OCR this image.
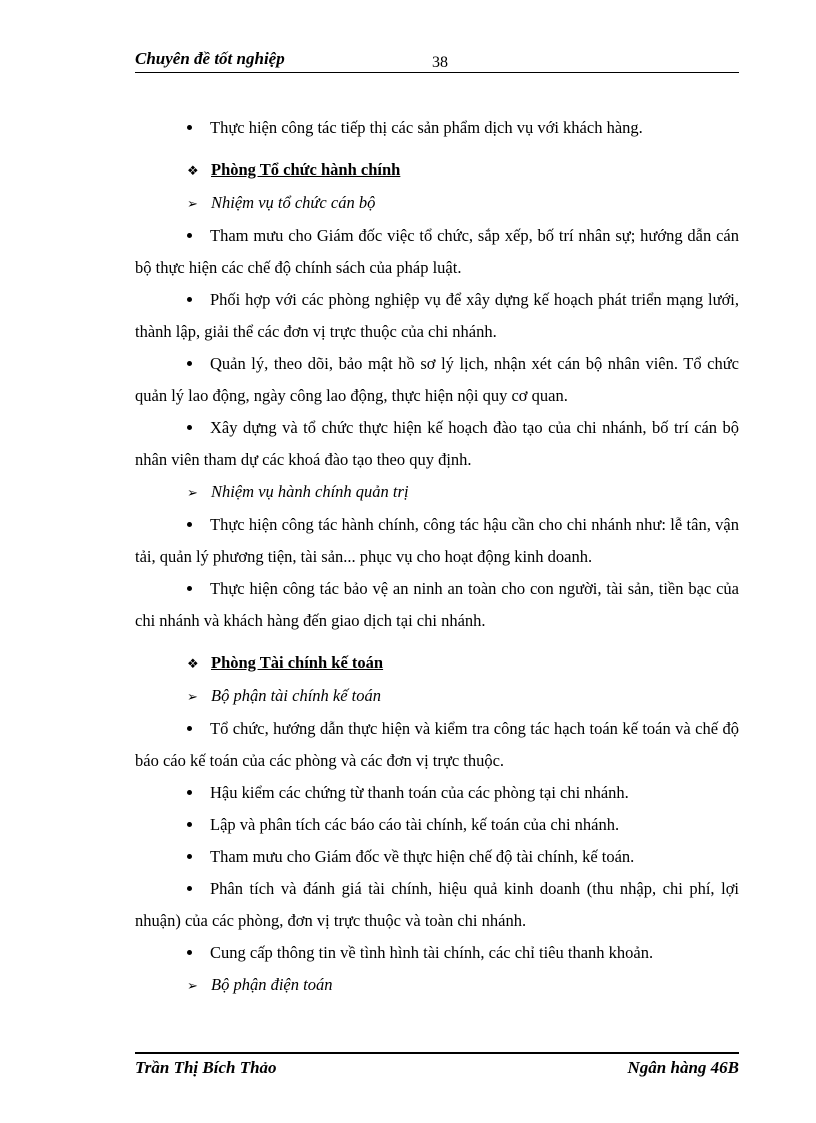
Chuyên đề tốt nghiệp	38

Thực hiện công tác tiếp thị các sản phẩm dịch vụ với khách hàng.

❖ Phòng Tổ chức hành chính

➢ Nhiệm vụ tổ chức cán bộ

Tham mưu cho Giám đốc việc tổ chức, sắp xếp, bố trí nhân sự; hướng dẫn cán bộ thực hiện các chế độ chính sách của pháp luật.

Phối hợp với các phòng nghiệp vụ để xây dựng kế hoạch phát triển mạng lưới, thành lập, giải thể các đơn vị trực thuộc của chi nhánh.

Quản lý, theo dõi, bảo mật hồ sơ lý lịch, nhận xét cán bộ nhân viên. Tổ chức quản lý lao động, ngày công lao động, thực hiện nội quy cơ quan.

Xây dựng và tổ chức thực hiện kế hoạch đào tạo của chi nhánh, bố trí cán bộ nhân viên tham dự các khoá đào tạo theo quy định.

➢ Nhiệm vụ hành chính quản trị

Thực hiện công tác hành chính, công tác hậu cần cho chi nhánh như: lễ tân, vận tải, quản lý phương tiện, tài sản... phục vụ cho hoạt động kinh doanh.

Thực hiện công tác bảo vệ an ninh an toàn cho con người, tài sản, tiền bạc của chi nhánh và khách hàng đến giao dịch tại chi nhánh.

❖ Phòng Tài chính kế toán

➢ Bộ phận tài chính kế toán

Tổ chức, hướng dẫn thực hiện và kiểm tra công tác hạch toán kế toán và chế độ báo cáo kế toán của các phòng và các đơn vị trực thuộc.

Hậu kiểm các chứng từ thanh toán của các phòng tại chi nhánh.

Lập và phân tích các báo cáo tài chính, kế toán của chi nhánh.

Tham mưu cho Giám đốc về thực hiện chế độ tài chính, kế toán.

Phân tích và đánh giá tài chính, hiệu quả kinh doanh (thu nhập, chi phí, lợi nhuận) của các phòng, đơn vị trực thuộc và toàn chi nhánh.

Cung cấp thông tin về tình hình tài chính, các chỉ tiêu thanh khoản.

➢ Bộ phận điện toán

Trần Thị Bích Thảo	Ngân hàng 46B
